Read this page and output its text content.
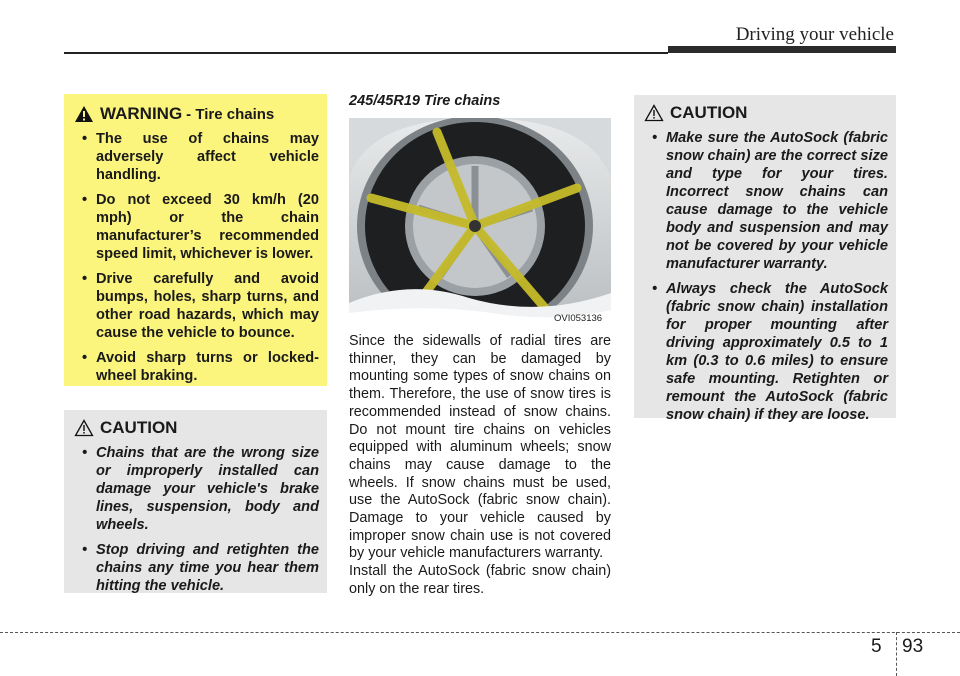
Driving your vehicle
WARNING - Tire chains
• The use of chains may adversely affect vehicle handling.
• Do not exceed 30 km/h (20 mph) or the chain manufacturer’s recommended speed limit, whichever is lower.
• Drive carefully and avoid bumps, holes, sharp turns, and other road hazards, which may cause the vehicle to bounce.
• Avoid sharp turns or locked-wheel braking.
CAUTION
• Chains that are the wrong size or improperly installed can damage your vehicle's brake lines, suspension, body and wheels.
• Stop driving and retighten the chains any time you hear them hitting the vehicle.
245/45R19 Tire chains
OVI053136
Since the sidewalls of radial tires are thinner, they can be damaged by mounting some types of snow chains on them. Therefore, the use of snow tires is recommended instead of snow chains. Do not mount tire chains on vehicles equipped with aluminum wheels; snow chains may cause damage to the wheels. If snow chains must be used, use the AutoSock (fabric snow chain). Damage to your vehicle caused by improper snow chain use is not covered by your vehicle manufacturers warranty.
Install the AutoSock (fabric snow chain) only on the rear tires.
CAUTION
• Make sure the AutoSock (fabric snow chain) are the correct size and type for your tires. Incorrect snow chains can cause damage to the vehicle body and suspension and may not be covered by your vehicle manufacturer warranty.
• Always check the AutoSock (fabric snow chain) installation for proper mounting after driving approximately 0.5 to 1 km (0.3 to 0.6 miles) to ensure safe mounting. Retighten or remount the AutoSock (fabric snow chain) if they are loose.
5 93
